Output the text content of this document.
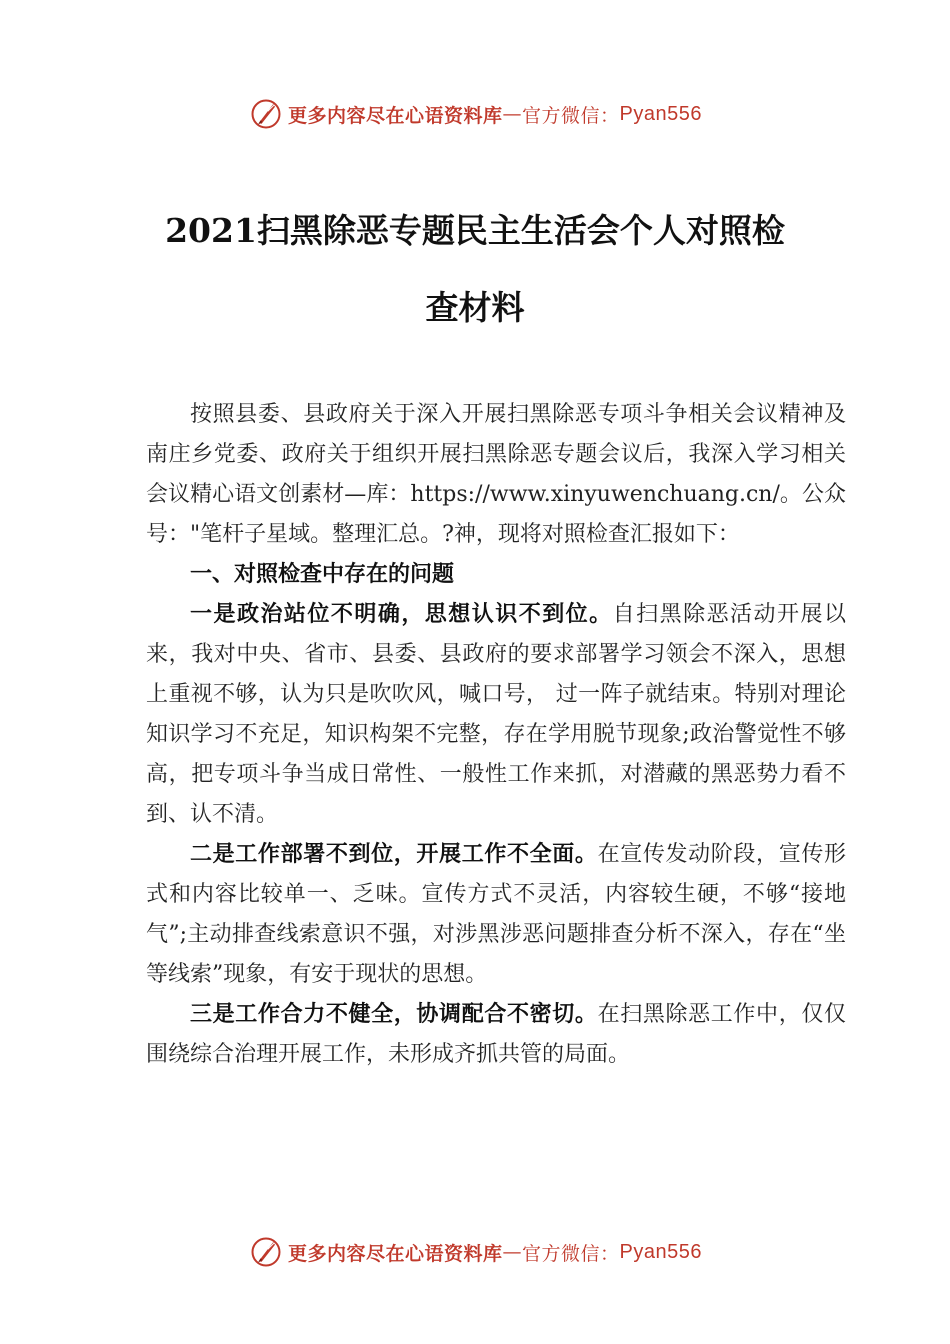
更多内容尽在心语资料库 — 官方微信： Pyan556
2021扫黑除恶专题民主生活会个人对照检
查材料

按照县委、县政府关于深入开展扫黑除恶专项斗争相关会议精神及南庄乡党委、政府关于组织开展扫黑除恶专题会议后，我深入学习相关会议精心语文创素材—库：https://www.xinyuwenchuang.cn/。公众号："笔杆子星域。整理汇总。?神，现将对照检查汇报如下：

一、对照检查中存在的问题

一是政治站位不明确，思想认识不到位。自扫黑除恶活动开展以来，我对中央、省市、县委、县政府的要求部署学习领会不深入，思想上重视不够，认为只是吹吹风，喊口号， 过一阵子就结束。特别对理论知识学习不充足，知识构架不完整，存在学用脱节现象;政治警觉性不够高，把专项斗争当成日常性、一般性工作来抓，对潜藏的黑恶势力看不到、认不清。

二是工作部署不到位，开展工作不全面。在宣传发动阶段，宣传形式和内容比较单一、乏味。宣传方式不灵活，内容较生硬，不够“接地气”;主动排查线索意识不强，对涉黑涉恶问题排查分析不深入，存在“坐等线索”现象，有安于现状的思想。

三是工作合力不健全，协调配合不密切。在扫黑除恶工作中，仅仅围绕综合治理开展工作，未形成齐抓共管的局面。

更多内容尽在心语资料库 — 官方微信： Pyan556
